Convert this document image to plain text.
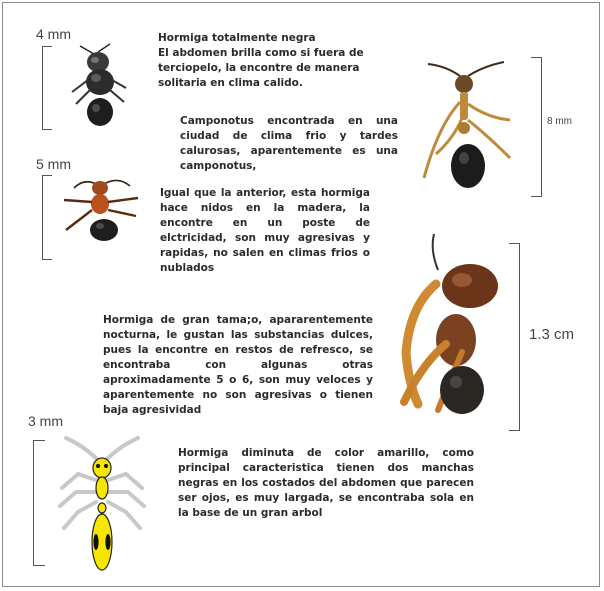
4 mm	Hormiga totalmente negra
El abdomen brilla como si fuera de terciopelo, la encontre de manera solitaria en clima calido.
8 mm
Camponotus encontrada en una ciudad de clima frio y tardes calurosas, aparentemente es una camponotus,
5 mm
Igual que la anterior, esta hormiga hace nidos en la madera, la encontre en un poste de elctricidad, son muy agresivas y rapidas, no salen en climas frios o nublados
1.3 cm
Hormiga de gran tama;o, apararentemente nocturna, le gustan las substancias dulces, pues la encontre en restos de refresco, se encontraba con algunas otras aproximadamente 5 o 6, son muy veloces y aparentemente no son agresivas o tienen baja agresividad
3 mm
Hormiga diminuta de color amarillo, como principal caracteristica tienen dos manchas negras en los costados del abdomen que parecen ser ojos, es muy largada, se encontraba sola en la base de un gran arbol
